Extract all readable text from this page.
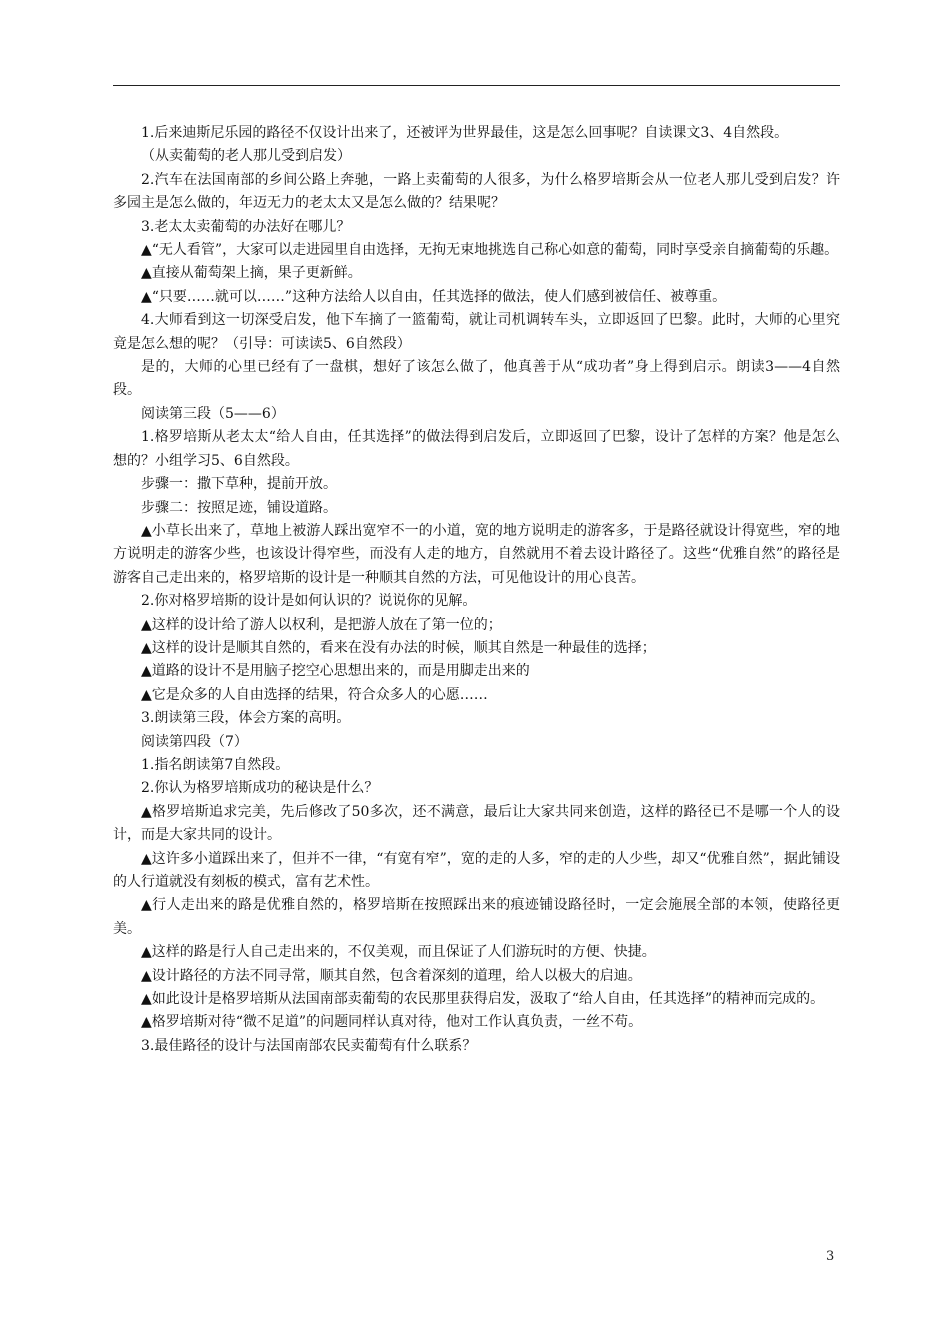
1.后来迪斯尼乐园的路径不仅设计出来了，还被评为世界最佳，这是怎么回事呢？自读课文3、4自然段。

（从卖葡萄的老人那儿受到启发）

2.汽车在法国南部的乡间公路上奔驰，一路上卖葡萄的人很多，为什么格罗培斯会从一位老人那儿受到启发？许多园主是怎么做的，年迈无力的老太太又是怎么做的？结果呢？

3.老太太卖葡萄的办法好在哪儿？

▲“无人看管”，大家可以走进园里自由选择，无拘无束地挑选自己称心如意的葡萄，同时享受亲自摘葡萄的乐趣。

▲直接从葡萄架上摘，果子更新鲜。

▲“只要……就可以……”这种方法给人以自由，任其选择的做法，使人们感到被信任、被尊重。

4.大师看到这一切深受启发，他下车摘了一篮葡萄，就让司机调转车头，立即返回了巴黎。此时，大师的心里究竟是怎么想的呢？（引导：可读读5、6自然段）

是的，大师的心里已经有了一盘棋，想好了该怎么做了，他真善于从“成功者”身上得到启示。朗读3——4自然段。

阅读第三段（5——6）

1.格罗培斯从老太太“给人自由，任其选择”的做法得到启发后，立即返回了巴黎，设计了怎样的方案？他是怎么想的？小组学习5、6自然段。

步骤一：撒下草种，提前开放。

步骤二：按照足迹，铺设道路。

▲小草长出来了，草地上被游人踩出宽窄不一的小道，宽的地方说明走的游客多，于是路径就设计得宽些，窄的地方说明走的游客少些，也该设计得窄些，而没有人走的地方，自然就用不着去设计路径了。这些“优雅自然”的路径是游客自己走出来的，格罗培斯的设计是一种顺其自然的方法，可见他设计的用心良苦。

2.你对格罗培斯的设计是如何认识的？说说你的见解。

▲这样的设计给了游人以权利，是把游人放在了第一位的；

▲这样的设计是顺其自然的，看来在没有办法的时候，顺其自然是一种最佳的选择；

▲道路的设计不是用脑子挖空心思想出来的，而是用脚走出来的

▲它是众多的人自由选择的结果，符合众多人的心愿……

3.朗读第三段，体会方案的高明。

阅读第四段（7）

1.指名朗读第7自然段。

2.你认为格罗培斯成功的秘诀是什么？

▲格罗培斯追求完美，先后修改了50多次，还不满意，最后让大家共同来创造，这样的路径已不是哪一个人的设计，而是大家共同的设计。

▲这许多小道踩出来了，但并不一律，“有宽有窄”，宽的走的人多，窄的走的人少些，却又“优雅自然”，据此铺设的人行道就没有刻板的模式，富有艺术性。

▲行人走出来的路是优雅自然的，格罗培斯在按照踩出来的痕迹铺设路径时，一定会施展全部的本领，使路径更美。

▲这样的路是行人自己走出来的，不仅美观，而且保证了人们游玩时的方便、快捷。

▲设计路径的方法不同寻常，顺其自然，包含着深刻的道理，给人以极大的启迪。

▲如此设计是格罗培斯从法国南部卖葡萄的农民那里获得启发，汲取了“给人自由，任其选择”的精神而完成的。

▲格罗培斯对待“微不足道”的问题同样认真对待，他对工作认真负责，一丝不苟。

3.最佳路径的设计与法国南部农民卖葡萄有什么联系？

3
